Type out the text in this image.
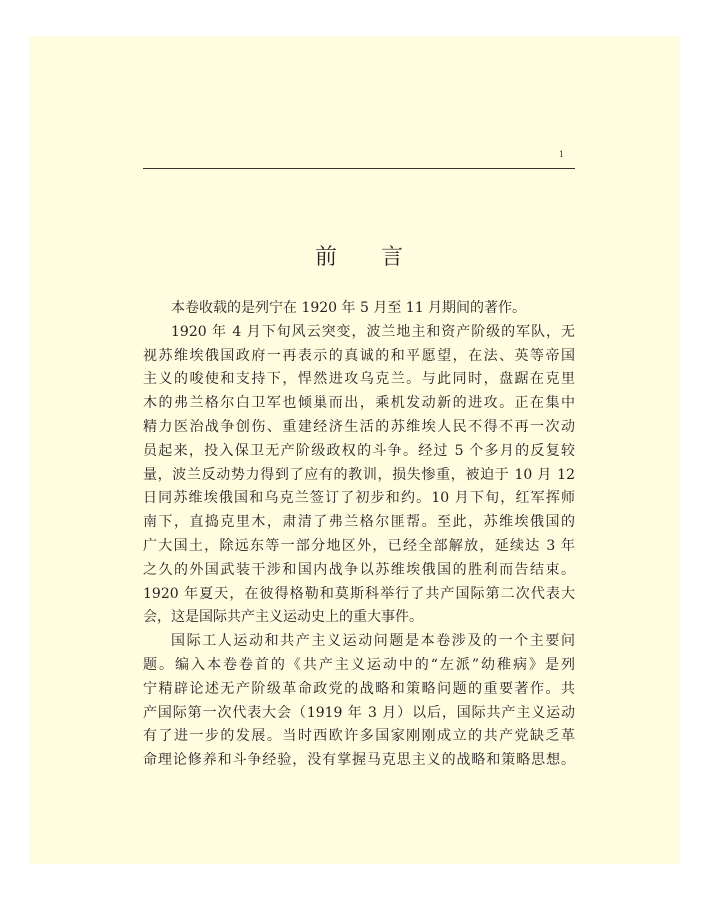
1
前 言
本卷收载的是列宁在 1920 年 5 月至 11 月期间的著作。
1920 年 4 月下旬风云突变，波兰地主和资产阶级的军队，无
视苏维埃俄国政府一再表示的真诚的和平愿望，在法、英等帝国
主义的唆使和支持下，悍然进攻乌克兰。与此同时，盘踞在克里
木的弗兰格尔白卫军也倾巢而出，乘机发动新的进攻。正在集中
精力医治战争创伤、重建经济生活的苏维埃人民不得不再一次动
员起来，投入保卫无产阶级政权的斗争。经过 5 个多月的反复较
量，波兰反动势力得到了应有的教训，损失惨重，被迫于 10 月 12
日同苏维埃俄国和乌克兰签订了初步和约。10 月下旬，红军挥师
南下，直捣克里木，肃清了弗兰格尔匪帮。至此，苏维埃俄国的
广大国土，除远东等一部分地区外，已经全部解放，延续达 3 年
之久的外国武装干涉和国内战争以苏维埃俄国的胜利而告结束。
1920 年夏天，在彼得格勒和莫斯科举行了共产国际第二次代表大
会，这是国际共产主义运动史上的重大事件。
国际工人运动和共产主义运动问题是本卷涉及的一个主要问
题。编入本卷卷首的《共产主义运动中的“左派”幼稚病》是列
宁精辟论述无产阶级革命政党的战略和策略问题的重要著作。共
产国际第一次代表大会（1919 年 3 月）以后，国际共产主义运动
有了进一步的发展。当时西欧许多国家刚刚成立的共产党缺乏革
命理论修养和斗争经验，没有掌握马克思主义的战略和策略思想。
